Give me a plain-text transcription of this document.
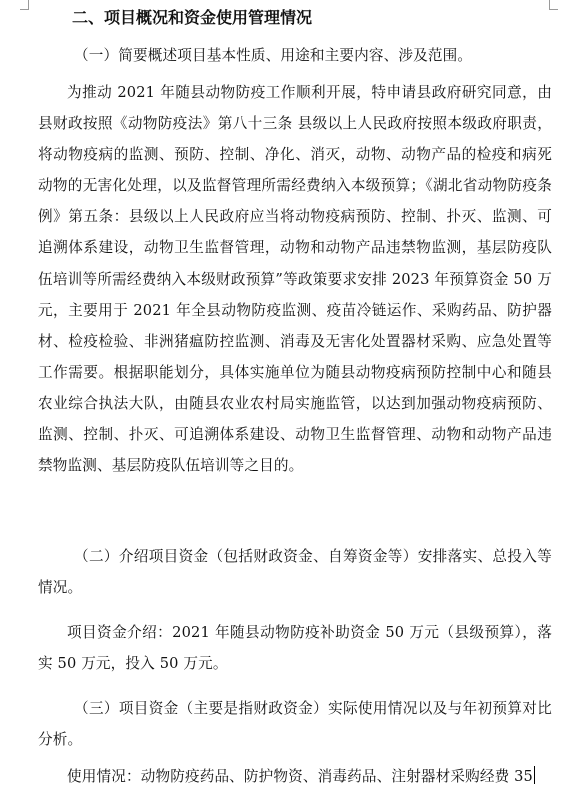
二、项目概况和资金使用管理情况

（一）简要概述项目基本性质、用途和主要内容、涉及范围。

为推动 2021 年随县动物防疫工作顺利开展，特申请县政府研究同意，由县财政按照《动物防疫法》第八十三条 县级以上人民政府按照本级政府职责，将动物疫病的监测、预防、控制、净化、消灭，动物、动物产品的检疫和病死动物的无害化处理，以及监督管理所需经费纳入本级预算；《湖北省动物防疫条例》第五条：县级以上人民政府应当将动物疫病预防、控制、扑灭、监测、可追溯体系建设，动物卫生监督管理，动物和动物产品违禁物监测，基层防疫队伍培训等所需经费纳入本级财政预算”等政策要求安排 2023 年预算资金 50 万元，主要用于 2021 年全县动物防疫监测、疫苗冷链运作、采购药品、防护器材、检疫检验、非洲猪瘟防控监测、消毒及无害化处置器材采购、应急处置等工作需要。根据职能划分，具体实施单位为随县动物疫病预防控制中心和随县农业综合执法大队，由随县农业农村局实施监管，以达到加强动物疫病预防、监测、控制、扑灭、可追溯体系建设、动物卫生监督管理、动物和动物产品违禁物监测、基层防疫队伍培训等之目的。

（二）介绍项目资金（包括财政资金、自筹资金等）安排落实、总投入等情况。

项目资金介绍：2021 年随县动物防疫补助资金 50 万元（县级预算），落实 50 万元，投入 50 万元。

（三）项目资金（主要是指财政资金）实际使用情况以及与年初预算对比分析。

使用情况：动物防疫药品、防护物资、消毒药品、注射器材采购经费 35
